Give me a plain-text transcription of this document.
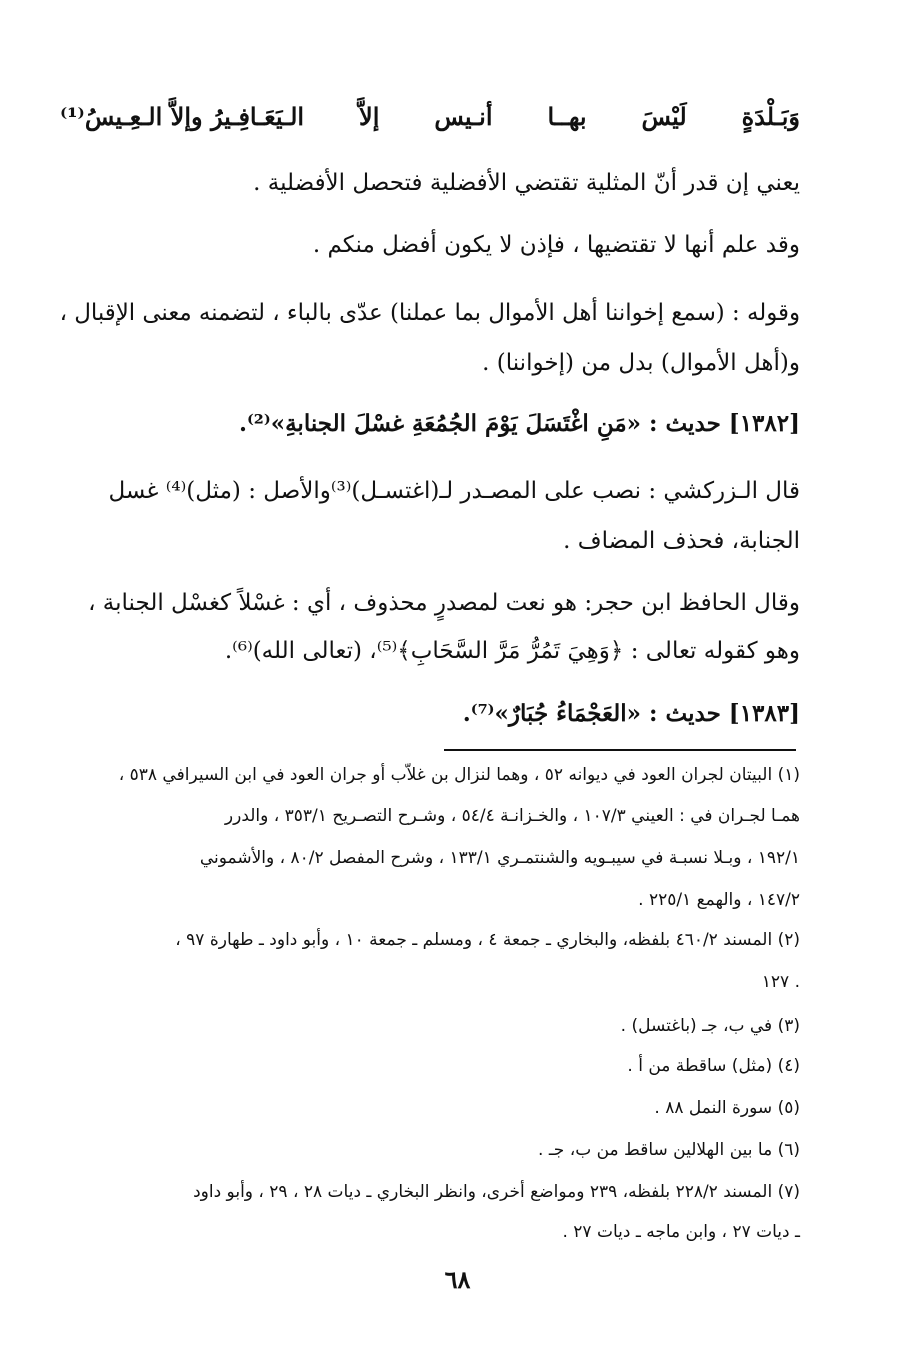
وَبَـلْدَةٍ
لَيْسَ
بهــا
أنـيس
إلاَّ
الـيَعَـافِـيرُ وإلاَّ الـعِـيسُ⁽¹⁾
يعني إن قدر أنّ المثلية تقتضي الأفضلية فتحصل الأفضلية .
وقد علم أنها لا تقتضيها ، فإذن لا يكون أفضل منكم .
وقوله : (سمع إخواننا أهل الأموال بما عملنا) عدّى بالباء ، لتضمنه معنى الإقبال ،
و(أهل الأموال) بدل من (إخواننا) .
[١٣٨٢] حديث : «مَنِ اغْتَسَلَ يَوْمَ الجُمُعَةِ غسْلَ الجنابةِ»⁽²⁾.
قال الـزركشي : نصب على المصـدر لـ(اغتسـل)⁽³⁾والأصل : (مثل)⁽⁴⁾ غسل
الجنابة، فحذف المضاف .
وقال الحافظ ابن حجر: هو نعت لمصدرٍ محذوف ، أي : غسْلاً كغسْل الجنابة ،
وهو كقوله تعالى : ﴿وَهِيَ تَمُرُّ مَرَّ السَّحَابِ﴾⁽⁵⁾، (تعالى الله)⁽⁶⁾.
[١٣٨٣] حديث : «العَجْمَاءُ جُبَارٌ»⁽⁷⁾.
(١) البيتان لجران العود في ديوانه ٥٢ ، وهما لنزال بن غلاّب أو جران العود في ابن السيرافي ٥٣٨ ،
همـا لجـران في : العيني ١٠٧/٣ ، والخـزانـة ٥٤/٤ ، وشـرح التصـريح ٣٥٣/١ ، والدرر
١٩٢/١ ، وبـلا نسبـة في سيبـويه والشنتمـري ١٣٣/١ ، وشرح المفصل ٨٠/٢ ، والأشموني
١٤٧/٢ ، والهمع ٢٢٥/١ .
(٢) المسند ٤٦٠/٢ بلفظه، والبخاري ـ جمعة ٤ ، ومسلم ـ جمعة ١٠ ، وأبو داود ـ طهارة ٩٧ ،
١٢٧ .
(٣) في ب، جـ (باغتسل) .
(٤) (مثل) ساقطة من أ .
(٥) سورة النمل ٨٨ .
(٦) ما بين الهلالين ساقط من ب، جـ .
(٧) المسند ٢٢٨/٢ بلفظه، ٢٣٩ ومواضع أخرى، وانظر البخاري ـ ديات ٢٨ ، ٢٩ ، وأبو داود
ـ ديات ٢٧ ، وابن ماجه ـ ديات ٢٧ .
٦٨
